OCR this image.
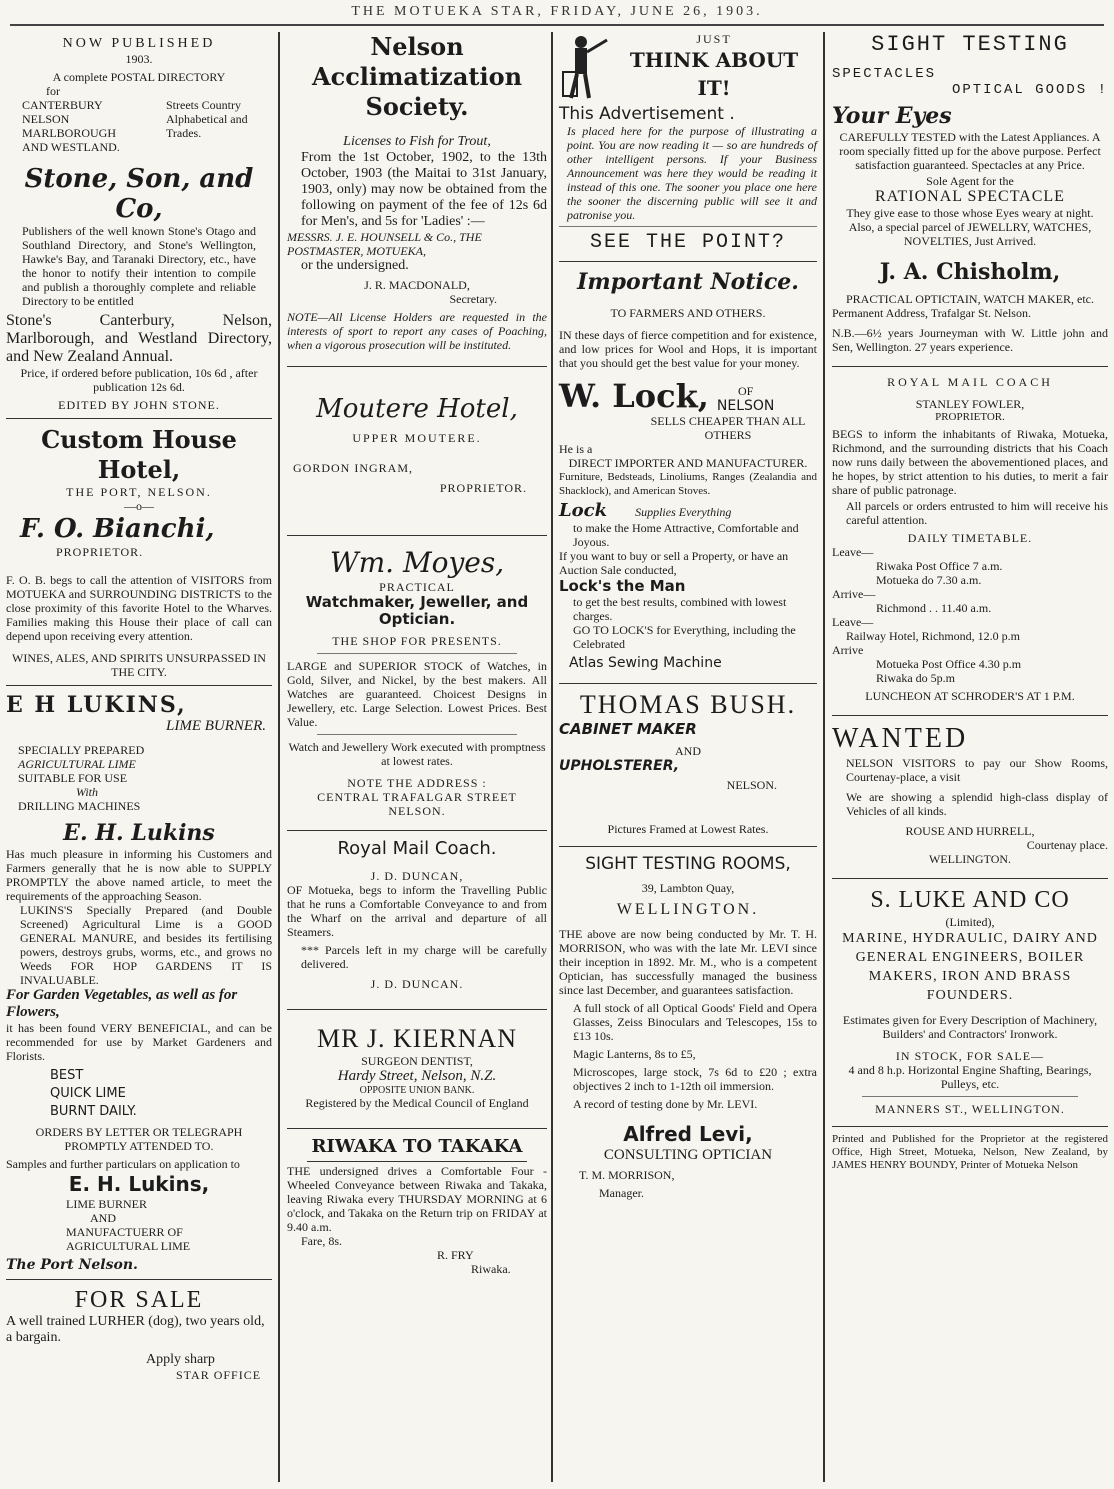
THE MOTUEKA STAR, FRIDAY, JUNE 26, 1903.
NOW PUBLISHED
1903.
A complete POSTAL DIRECTORY
for
CANTERBURY NELSON MARLBOROUGH AND WESTLAND.
Streets Country Alphabetical and Trades.
Stone, Son, and Co,
Publishers of the well known Stone's Otago and Southland Directory, and Stone's Wellington, Hawke's Bay, and Taranaki Directory, etc., have the honor to notify their intention to compile and publish a thoroughly complete and reliable Directory to be entitled
Stone's Canterbury, Nelson, Marlborough, and Westland Directory, and New Zealand Annual.
Price, if ordered before publication, 10s 6d , after publication 12s 6d.
EDITED BY JOHN STONE.
Custom House Hotel,
THE PORT, NELSON.
—o—
F. O. Bianchi,
PROPRIETOR.
F. O. B. begs to call the attention of VISITORS from MOTUEKA and SURROUNDING DISTRICTS to the close proximity of this favorite Hotel to the Wharves. Families making this House their place of call can depend upon receiving every attention.
WINES, ALES, AND SPIRITS UNSURPASSED IN THE CITY.
E H LUKINS,
LIME BURNER.
SPECIALLY PREPARED
AGRICULTURAL LIME
SUITABLE FOR USE
With
DRILLING MACHINES
E. H. Lukins
Has much pleasure in informing his Customers and Farmers generally that he is now able to SUPPLY PROMPTLY the above named article, to meet the requirements of the approaching Season.
LUKINS'S Specially Prepared (and Double Screened) Agricultural Lime is a GOOD GENERAL MANURE, and besides its fertilising powers, destroys grubs, worms, etc., and grows no Weeds FOR HOP GARDENS IT IS INVALUABLE.
For Garden Vegetables, as well as for Flowers,
it has been found VERY BENEFICIAL, and can be recommended for use by Market Gardeners and Florists.
BEST
QUICK LIME
BURNT DAILY.
ORDERS BY LETTER OR TELEGRAPH PROMPTLY ATTENDED TO.
Samples and further particulars on application to
E. H. Lukins,
LIME BURNER
AND
MANUFACTUERR OF
AGRICULTURAL LIME
The Port Nelson.
FOR SALE
A well trained LURHER (dog), two years old, a bargain.
Apply sharp
STAR OFFICE
Nelson Acclimatization Society.
Licenses to Fish for Trout,
From the 1st October, 1902, to the 13th October, 1903 (the Maitai to 31st January, 1903, only) may now be obtained from the following on payment of the fee of 12s 6d for Men's, and 5s for 'Ladies' :—
MESSRS. J. E. HOUNSELL & Co., THE POSTMASTER, MOTUEKA,
or the undersigned.
J. R. MACDONALD,
Secretary.
NOTE—All License Holders are requested in the interests of sport to report any cases of Poaching, when a vigorous prosecution will be instituted.
Moutere Hotel,
UPPER MOUTERE.
GORDON INGRAM,
PROPRIETOR.
Wm. Moyes,
PRACTICAL
Watchmaker, Jeweller, and Optician.
THE SHOP FOR PRESENTS.
LARGE and SUPERIOR STOCK of Watches, in Gold, Silver, and Nickel, by the best makers. All Watches are guaranteed. Choicest Designs in Jewellery, etc. Large Selection. Lowest Prices. Best Value.
Watch and Jewellery Work executed with promptness at lowest rates.
NOTE THE ADDRESS :
CENTRAL TRAFALGAR STREET NELSON.
Royal Mail Coach.
J. D. DUNCAN,
OF Motueka, begs to inform the Travelling Public that he runs a Comfortable Conveyance to and from the Wharf on the arrival and departure of all Steamers.
*** Parcels left in my charge will be carefully delivered.
J. D. DUNCAN.
MR J. KIERNAN
SURGEON DENTIST,
Hardy Street, Nelson, N.Z.
OPPOSITE UNION BANK.
Registered by the Medical Council of England
RIWAKA TO TAKAKA
THE undersigned drives a Comfortable Four - Wheeled Conveyance between Riwaka and Takaka, leaving Riwaka every THURSDAY MORNING at 6 o'clock, and Takaka on the Return trip on FRIDAY at 9.40 a.m.
Fare, 8s.
R. FRY
Riwaka.
JUST
THINK ABOUT IT!
This Advertisement .
Is placed here for the purpose of illustrating a point. You are now reading it — so are hundreds of other intelligent persons. If your Business Announcement was here they would be reading it instead of this one. The sooner you place one here the sooner the discerning public will see it and patronise you.
SEE THE POINT?
Important Notice.
TO FARMERS AND OTHERS.
IN these days of fierce competition and for existence, and low prices for Wool and Hops, it is important that you should get the best value for your money.
W. Lock,	OF
NELSON
SELLS CHEAPER THAN ALL OTHERS
He is a
DIRECT IMPORTER AND MANUFACTURER.
Furniture, Bedsteads, Linoliums, Ranges (Zealandia and Shacklock), and American Stoves.
Lock Supplies Everything
to make the Home Attractive, Comfortable and Joyous.
If you want to buy or sell a Property, or have an Auction Sale conducted,
Lock's the Man
to get the best results, combined with lowest charges.
GO TO LOCK'S for Everything, including the Celebrated
Atlas Sewing Machine
THOMAS BUSH.
CABINET MAKER
AND
UPHOLSTERER,
NELSON.
Pictures Framed at Lowest Rates.
SIGHT TESTING ROOMS,
39, Lambton Quay,
WELLINGTON.
THE above are now being conducted by Mr. T. H. MORRISON, who was with the late Mr. LEVI since their inception in 1892. Mr. M., who is a competent Optician, has successfully managed the business since last December, and guarantees satisfaction.
A full stock of all Optical Goods' Field and Opera Glasses, Zeiss Binoculars and Telescopes, 15s to £13 10s.
Magic Lanterns, 8s to £5,
Microscopes, large stock, 7s 6d to £20 ; extra objectives 2 inch to 1-12th oil immersion.
A record of testing done by Mr. LEVI.
Alfred Levi,
CONSULTING OPTICIAN
T. M. MORRISON,
Manager.
SIGHT TESTING
SPECTACLES
OPTICAL GOODS !
Your Eyes
CAREFULLY TESTED with the Latest Appliances. A room specially fitted up for the above purpose. Perfect satisfaction guaranteed. Spectacles at any Price.
Sole Agent for the
RATIONAL SPECTACLE
They give ease to those whose Eyes weary at night.
Also, a special parcel of JEWELLRY, WATCHES, NOVELTIES, Just Arrived.
J. A. Chisholm,
PRACTICAL OPTICTAIN, WATCH MAKER, etc.
Permanent Address, Trafalgar St. Nelson.
N.B.—6½ years Journeyman with W. Little john and Sen, Wellington. 27 years experience.
ROYAL MAIL COACH
STANLEY FOWLER,
PROPRIETOR.
BEGS to inform the inhabitants of Riwaka, Motueka, Richmond, and the surrounding districts that his Coach now runs daily between the abovementioned places, and he hopes, by strict attention to his duties, to merit a fair share of public patronage.
All parcels or orders entrusted to him will receive his careful attention.
DAILY TIMETABLE.
Leave—
Riwaka Post Office 7 a.m.
Motueka do 7.30 a.m.
Arrive—
Richmond . . 11.40 a.m.
Leave—
Railway Hotel, Richmond, 12.0 p.m
Arrive
Motueka Post Office 4.30 p.m
Riwaka do 5p.m
LUNCHEON AT SCHRODER'S AT 1 P.M.
WANTED
NELSON VISITORS to pay our Show Rooms, Courtenay-place, a visit
We are showing a splendid high-class display of Vehicles of all kinds.
ROUSE AND HURRELL,
Courtenay place.
WELLINGTON.
S. LUKE AND CO
(Limited),
MARINE, HYDRAULIC, DAIRY AND GENERAL ENGINEERS, BOILER MAKERS, IRON AND BRASS FOUNDERS.
Estimates given for Every Description of Machinery, Builders' and Contractors' Ironwork.
IN STOCK, FOR SALE—
4 and 8 h.p. Horizontal Engine Shafting, Bearings, Pulleys, etc.
MANNERS ST., WELLINGTON.
Printed and Published for the Proprietor at the registered Office, High Street, Motueka, Nelson, New Zealand, by JAMES HENRY BOUNDY, Printer of Motueka Nelson
